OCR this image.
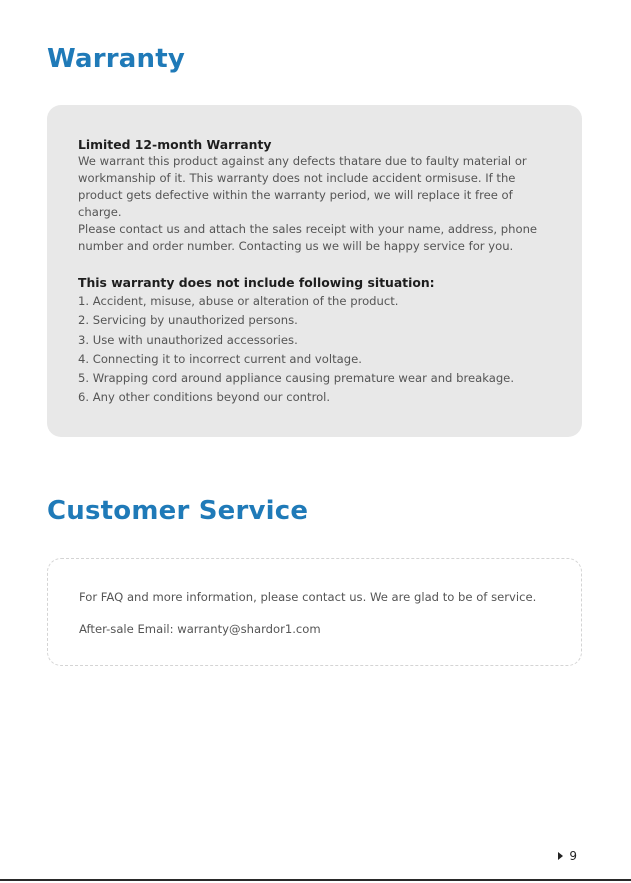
Warranty

Limited 12-month Warranty

We warrant this product against any defects thatare due to faulty material or workmanship of it. This warranty does not include accident ormisuse. If the product gets defective within the warranty period, we will replace it free of charge.

Please contact us and attach the sales receipt with your name, address, phone number and order number. Contacting us we will be happy service for you.

This warranty does not include following situation:

1. Accident, misuse, abuse or alteration of the product.
2. Servicing by unauthorized persons.
3. Use with unauthorized accessories.
4. Connecting it to incorrect current and voltage.
5. Wrapping cord around appliance causing premature wear and breakage.
6. Any other conditions beyond our control.
Customer Service

For FAQ and more information, please contact us. We are glad to be of service.

After-sale Email: warranty@shardor1.com

9
